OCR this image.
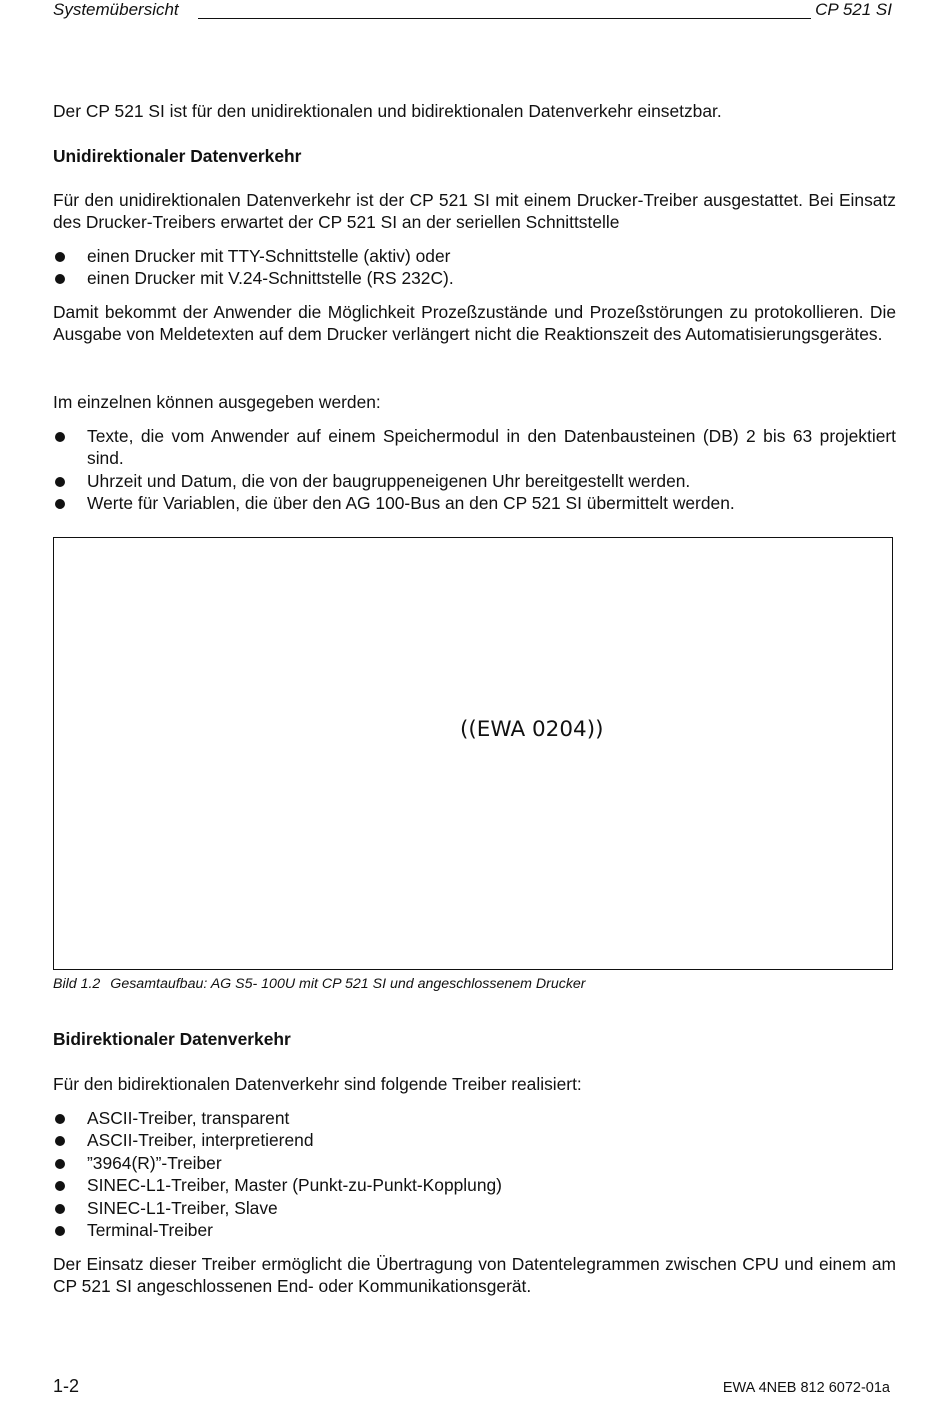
Systemübersicht	CP 521 SI

Der CP 521 SI ist für den unidirektionalen und bidirektionalen Datenverkehr einsetzbar.

Unidirektionaler Datenverkehr

Für den unidirektionalen Datenverkehr ist der CP 521 SI mit einem Drucker-Treiber ausgestattet. Bei Einsatz des Drucker-Treibers erwartet der CP 521 SI an der seriellen Schnittstelle

einen Drucker mit TTY-Schnittstelle (aktiv) oder
einen Drucker mit V.24-Schnittstelle (RS 232C).

Damit bekommt der Anwender die Möglichkeit Prozeßzustände und Prozeßstörungen zu protokollieren. Die Ausgabe von Meldetexten auf dem Drucker verlängert nicht die Reaktionszeit des Automatisierungsgerätes.

Im einzelnen können ausgegeben werden:

Texte, die vom Anwender auf einem Speichermodul in den Datenbausteinen (DB) 2 bis 63 projektiert sind.
Uhrzeit und Datum, die von der baugruppeneigenen Uhr bereitgestellt werden.
Werte für Variablen, die über den AG 100-Bus an den CP 521 SI übermittelt werden.
((EWA 0204))
Bild 1.2 Gesamtaufbau: AG S5- 100U mit CP 521 SI und angeschlossenem Drucker
Bidirektionaler Datenverkehr

Für den bidirektionalen Datenverkehr sind folgende Treiber realisiert:

ASCII-Treiber, transparent
ASCII-Treiber, interpretierend
”3964(R)”-Treiber
SINEC-L1-Treiber, Master (Punkt-zu-Punkt-Kopplung)
SINEC-L1-Treiber, Slave
Terminal-Treiber

Der Einsatz dieser Treiber ermöglicht die Übertragung von Datentelegrammen zwischen CPU und einem am CP 521 SI angeschlossenen End- oder Kommunikationsgerät.

1-2	EWA 4NEB 812 6072-01a
